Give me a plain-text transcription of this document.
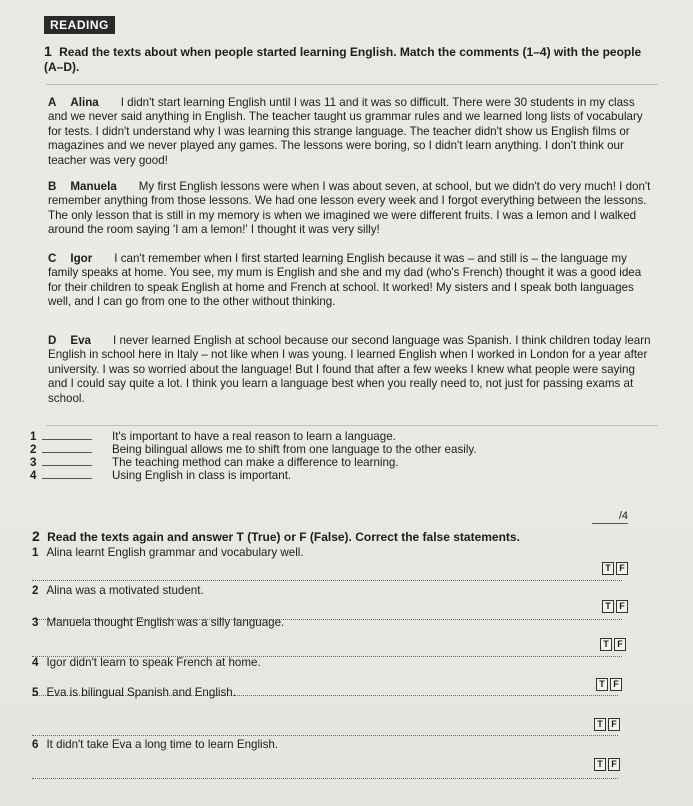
READING
1 Read the texts about when people started learning English. Match the comments (1–4) with the people (A–D).
A Alina I didn't start learning English until I was 11 and it was so difficult. There were 30 students in my class and we never said anything in English. The teacher taught us grammar rules and we learned long lists of vocabulary for tests. I didn't understand why I was learning this strange language. The teacher didn't show us English films or magazines and we never played any games. The lessons were boring, so I didn't learn anything. I don't think our teacher was very good!
B Manuela My first English lessons were when I was about seven, at school, but we didn't do very much! I don't remember anything from those lessons. We had one lesson every week and I forgot everything between the lessons. The only lesson that is still in my memory is when we imagined we were different fruits. I was a lemon and I walked around the room saying 'I am a lemon!' I thought it was very silly!
C Igor I can't remember when I first started learning English because it was – and still is – the language my family speaks at home. You see, my mum is English and she and my dad (who's French) thought it was a good idea for their children to speak English at home and French at school. It worked! My sisters and I speak both languages well, and I can go from one to the other without thinking.
D Eva I never learned English at school because our second language was Spanish. I think children today learn English in school here in Italy – not like when I was young. I learned English when I worked in London for a year after university. I was so worried about the language! But I found that after a few weeks I knew what people were saying and I could say quite a lot. I think you learn a language best when you really need to, not just for passing exams at school.
1	It's important to have a real reason to learn a language.
2	Being bilingual allows me to shift from one language to the other easily.
3	The teaching method can make a difference to learning.
4	Using English in class is important.
/4
2 Read the texts again and answer T (True) or F (False). Correct the false statements.
1 Alina learnt English grammar and vocabulary well.
T F
2 Alina was a motivated student.
T F
3 Manuela thought English was a silly language.
T F
4 Igor didn't learn to speak French at home.
T F
5 Eva is bilingual Spanish and English.
T F
6 It didn't take Eva a long time to learn English.
T F
